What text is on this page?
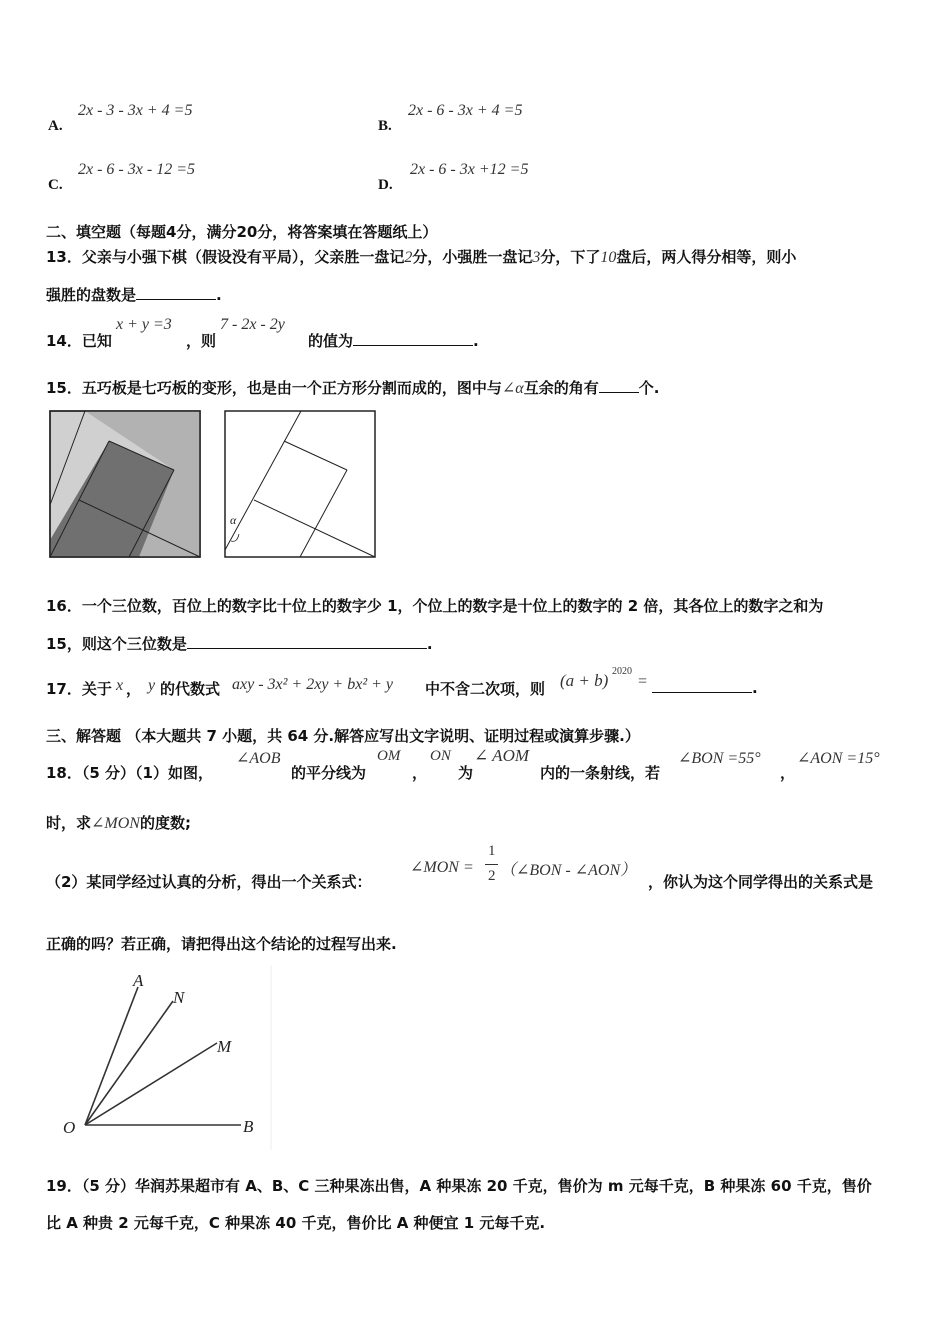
A.
2x - 3 - 3x + 4 =5
B.
2x - 6 - 3x + 4 =5
C.
2x - 6 - 3x - 12 =5
D.
2x - 6 - 3x +12 =5
二、填空题（每题4分，满分20分，将答案填在答题纸上）
13．父亲与小强下棋（假设没有平局），父亲胜一盘记2分，小强胜一盘记3分，下了10盘后，两人得分相等，则小
强胜的盘数是	.
14．已知
x + y =3
，则
7 - 2x - 2y
的值为	.
15．五巧板是七巧板的变形，也是由一个正方形分割而成的，图中与∠α互余的角有	个.
α
16．一个三位数，百位上的数字比十位上的数字少 1，个位上的数字是十位上的数字的 2 倍，其各位上的数字之和为
15，则这个三位数是	.
17．关于 x ， y 的代数式 axy - 3x² + 2xy + bx² + y 中不含二次项，则 (a + b) 2020
=	.
三、解答题 （本大题共 7 小题，共 64 分.解答应写出文字说明、证明过程或演算步骤.）
18．（5 分）（1）如图，
∠AOB
的平分线为
OM
，
ON
为
∠ AOM
内的一条射线，若
∠BON =55°
，
∠AON =15°
时，求∠MON的度数;
（2）某同学经过认真的分析，得出一个关系式：
∠MON =
1
2 （∠BON - ∠AON）
，你认为这个同学得出的关系式是
正确的吗？若正确，请把得出这个结论的过程写出来.
A
N
M
O	B
19．（5 分）华润苏果超市有 A、B、C 三种果冻出售，A 种果冻 20 千克，售价为 m 元每千克，B 种果冻 60 千克，售价
比 A 种贵 2 元每千克，C 种果冻 40 千克，售价比 A 种便宜 1 元每千克.
